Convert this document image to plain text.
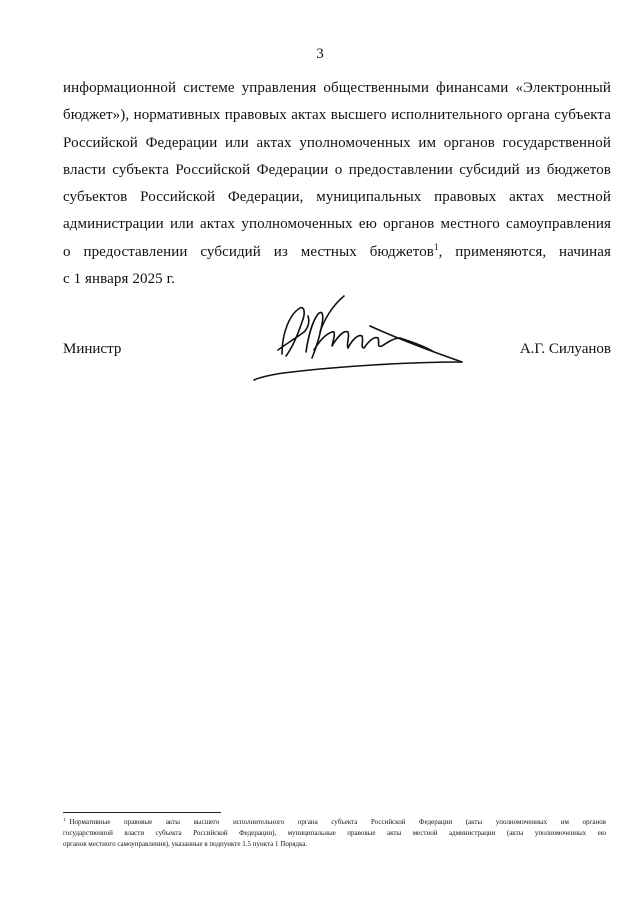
3
информационной системе управления общественными финансами «Электронный
бюджет»), нормативных правовых актах высшего исполнительного органа субъекта
Российской Федерации или актах уполномоченных им органов государственной
власти субъекта Российской Федерации о предоставлении субсидий из бюджетов
субъектов Российской Федерации, муниципальных правовых актах местной
администрации или актах уполномоченных ею органов местного самоуправления
о предоставлении субсидий из местных бюджетов$^1$, применяются, начиная
с 1 января 2025 г.
Министр	А.Г. Силуанов
$^1$ Нормативные правовые акты высшего исполнительного органа субъекта Российской Федерации (акты уполномоченных им органов
государственной власти субъекта Российской Федерации), муниципальные правовые акты местной администрации (акты уполномоченных ею
органов местного самоуправления), указанные в подпункте 1.5 пункта 1 Порядка.
